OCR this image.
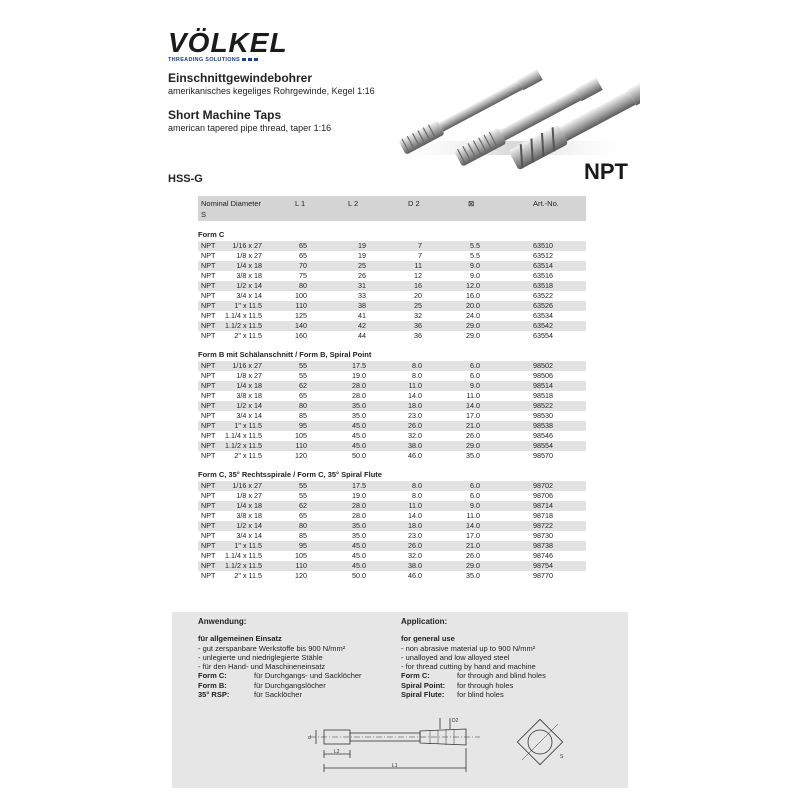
VÖLKEL
THREADING SOLUTIONS
Einschnittgewindebohrer
amerikanisches kegeliges Rohrgewinde, Kegel 1:16
Short Machine Taps
american tapered pipe thread, taper 1:16
NPT
HSS-G
Nominal Diameter
S
L 1	L 2	D 2	⊠	Art.-No.
Form C
NPT	1/16 x 27	65	19	7	5.5	63510
NPT	1/8 x 27	65	19	7	5.5	63512
NPT	1/4 x 18	70	25	11	9.0	63514
NPT	3/8 x 18	75	26	12	9.0	63516
NPT	1/2 x 14	80	31	16	12.0	63518
NPT	3/4 x 14	100	33	20	16.0	63522
NPT	1" x 11.5	110	38	25	20.0	63526
NPT	1.1/4 x 11.5	125	41	32	24.0	63534
NPT	1.1/2 x 11.5	140	42	36	29.0	63542
NPT	2" x 11.5	160	44	36	29.0	63554
Form B mit Schälanschnitt / Form B, Spiral Point
NPT	1/16 x 27	55	17.5	8.0	6.0	98502
NPT	1/8 x 27	55	19.0	8.0	6.0	98506
NPT	1/4 x 18	62	28.0	11.0	9.0	98514
NPT	3/8 x 18	65	28.0	14.0	11.0	98518
NPT	1/2 x 14	80	35.0	18.0	14.0	98522
NPT	3/4 x 14	85	35.0	23.0	17.0	98530
NPT	1" x 11.5	95	45.0	26.0	21.0	98538
NPT	1.1/4 x 11.5	105	45.0	32.0	26.0	98546
NPT	1.1/2 x 11.5	110	45.0	38.0	29.0	98554
NPT	2" x 11.5	120	50.0	46.0	35.0	98570
Form C, 35° Rechtsspirale / Form C, 35° Spiral Flute
NPT	1/16 x 27	55	17.5	8.0	6.0	98702
NPT	1/8 x 27	55	19.0	8.0	6.0	98706
NPT	1/4 x 18	62	28.0	11.0	9.0	98714
NPT	3/8 x 18	65	28.0	14.0	11.0	98718
NPT	1/2 x 14	80	35.0	18.0	14.0	98722
NPT	3/4 x 14	85	35.0	23.0	17.0	98730
NPT	1" x 11.5	95	45.0	26.0	21.0	98738
NPT	1.1/4 x 11.5	105	45.0	32.0	26.0	98746
NPT	1.1/2 x 11.5	110	45.0	38.0	29.0	98754
NPT	2" x 11.5	120	50.0	46.0	35.0	98770
Anwendung:
für allgemeinen Einsatz
- gut zerspanbare Werkstoffe bis 900 N/mm²
- unlegierte und niedriglegierte Stähle
- für den Hand- und Maschineneinsatz
Form C:	für Durchgangs- und Sacklöcher
Form B:	für Durchgangslöcher
35° RSP:	für Sacklöcher
Application:
for general use
- non abrasive material up to 900 N/mm²
- unalloyed and low alloyed steel
- for thread cutting by hand and machine
Form C:	for through and blind holes
Spiral Point: for through holes
Spiral Flute: for blind holes
L2
L1
D2
d
S
